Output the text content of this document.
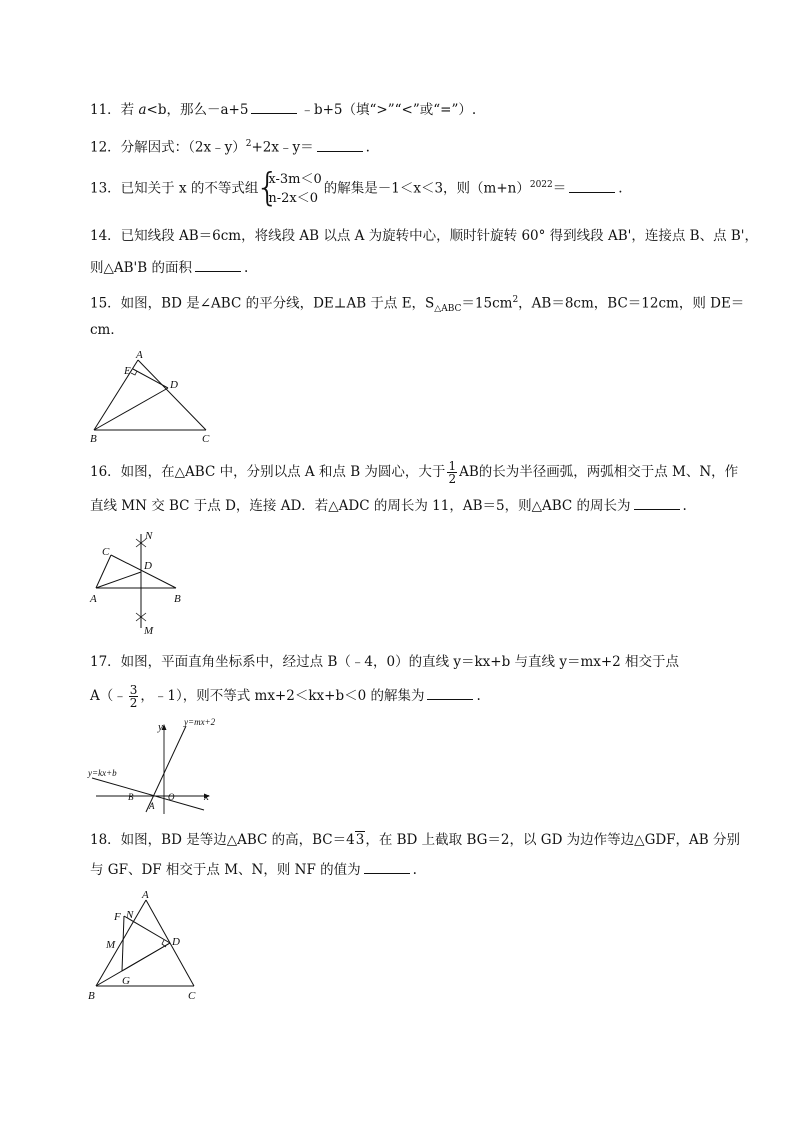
11．若 a<b，那么－a+5	﹣b+5（填“>”“<”或“=”）.
12．分解因式：（2x﹣y）$^2$+2x﹣y＝	.
13．已知关于 x 的不等式组
{ x-3m＜0
n-2x＜0
的解集是－1＜x＜3，则$(m+n)^{2022}=$	.
14．已知线段 AB＝6cm，将线段 AB 以点 A 为旋转中心，顺时针旋转 60° 得到线段 AB'，连接点 B、点 B'，
则△AB'B 的面积	.
15．如图，BD 是∠ABC 的平分线，DE⊥AB 于点 E，$S_{\triangle ABC}=15cm^2$，AB＝8cm，BC＝12cm，则 DE＝
cm．
A
E
D
B	C
16．如图，在△ABC 中，分别以点 A 和点 B 为圆心，大于 $\frac{1}{2}$ AB的长为半径画弧，两弧相交于点 M、N，作
直线 MN 交 BC 于点 D，连接 AD．若△ADC 的周长为 11，AB＝5，则△ABC 的周长为	.
C
N
D
A	B
M
17．如图，平面直角坐标系中，经过点 B（﹣4，0）的直线 y＝kx+b 与直线 y＝mx+2 相交于点
A（﹣ $\frac{3}{2}$ ，﹣1），则不等式 mx+2＜kx+b＜0 的解集为	.
y
x
y=mx+2
y=kx+b
B	O
A
18．如图，BD 是等边△ABC 的高，BC＝43，在 BD 上截取 BG＝2，以 GD 为边作等边△GDF，AB 分别
与 GF、DF 相交于点 M、N，则 NF 的值为	.
A
F N
M	D
G
B	C
